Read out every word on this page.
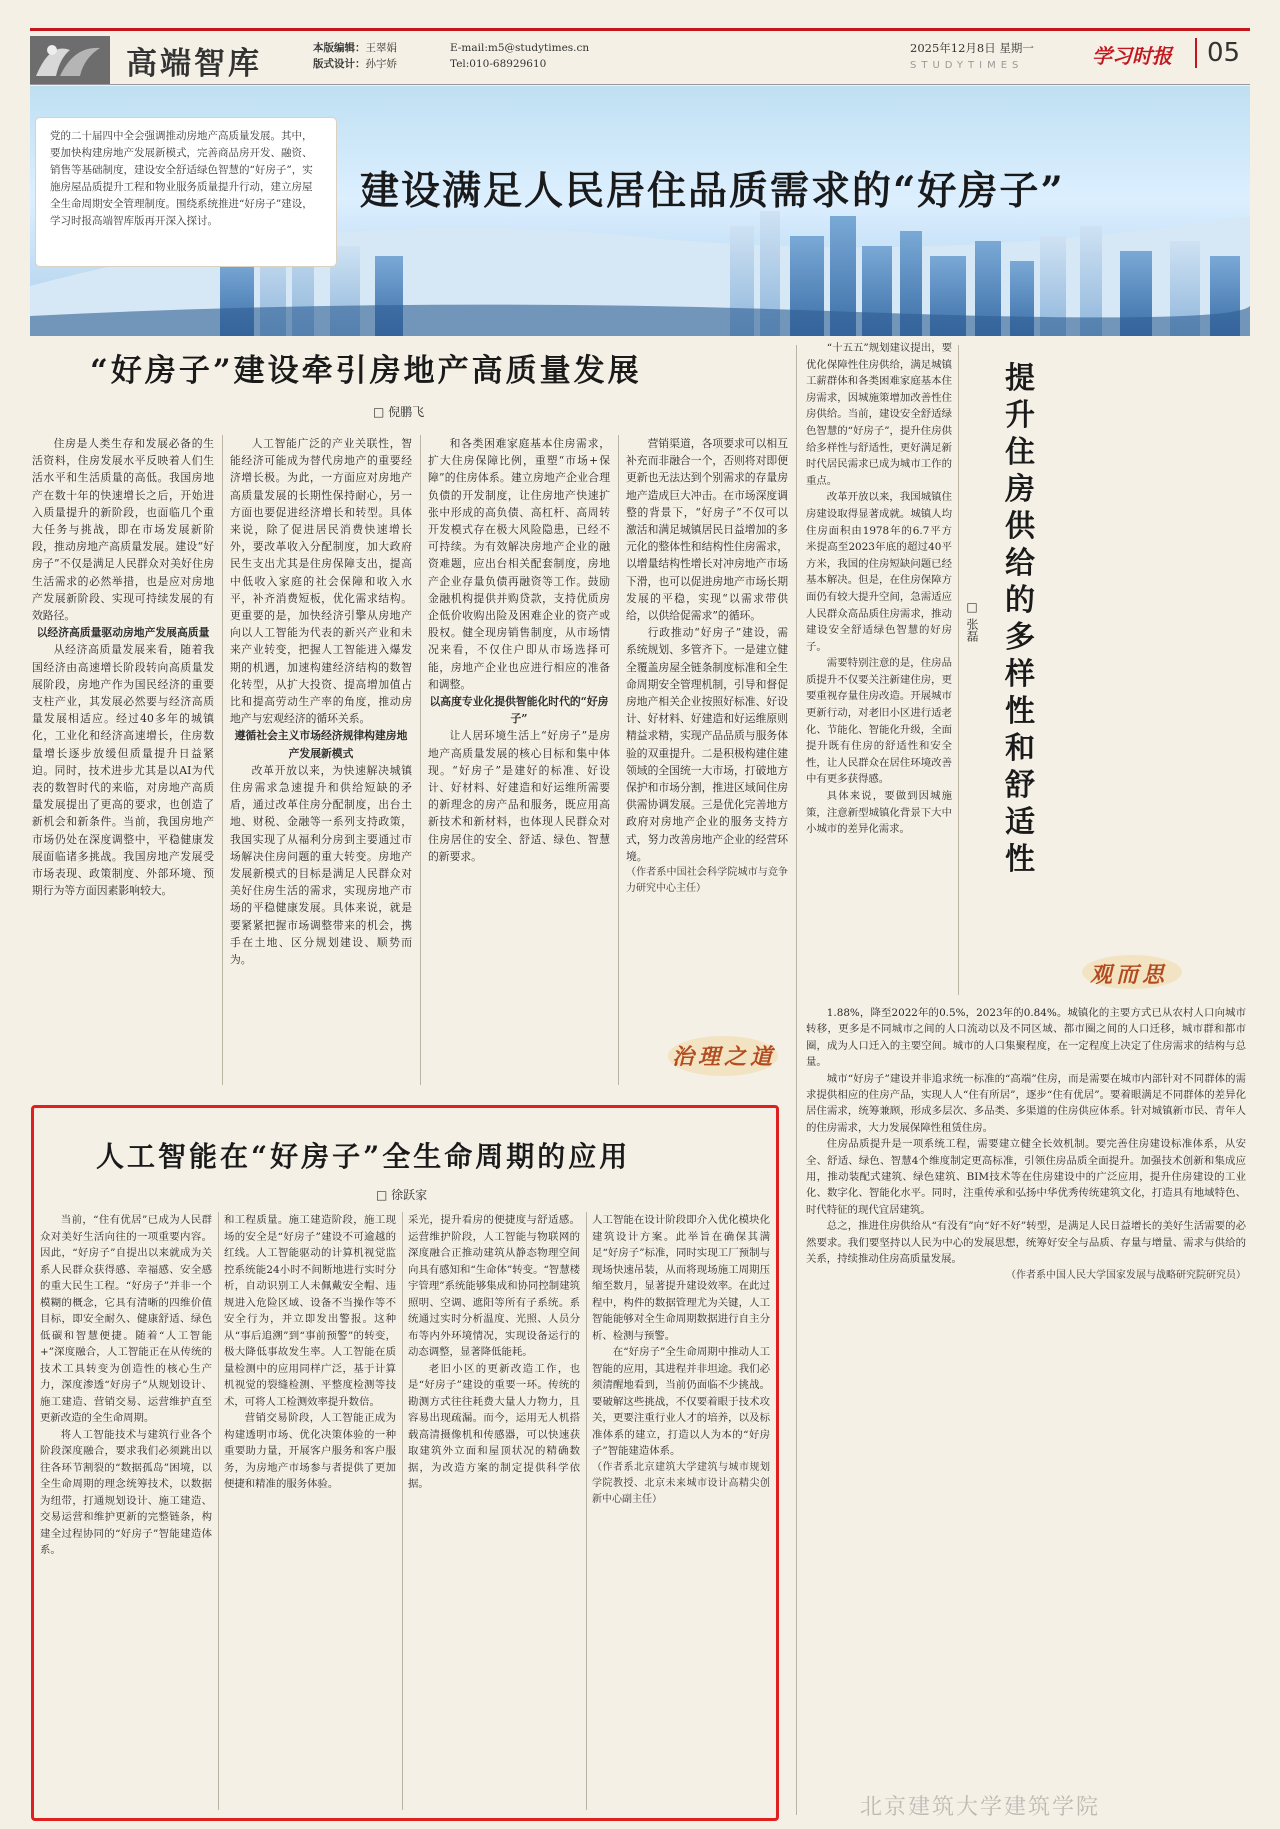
高端智库	本版编辑：王翠娟
版式设计：孙宇娇
E-mail:m5@studytimes.cn
Tel:010-68929610
2025年12月8日 星期一
STUDYTIMES	学习时报	05
党的二十届四中全会强调推动房地产高质量发展。其中，要加快构建房地产发展新模式，完善商品房开发、融资、销售等基础制度，建设安全舒适绿色智慧的“好房子”，实施房屋品质提升工程和物业服务质量提升行动，建立房屋全生命周期安全管理制度。围绕系统推进“好房子”建设，学习时报高端智库版再开深入探讨。
建设满足人民居住品质需求的“好房子”
“好房子”建设牵引房地产高质量发展
□ 倪鹏飞

住房是人类生存和发展必备的生活资料，住房发展水平反映着人们生活水平和生活质量的高低。我国房地产在数十年的快速增长之后，开始进入质量提升的新阶段，也面临几个重大任务与挑战，即在市场发展新阶段，推动房地产高质量发展。建设“好房子”不仅是满足人民群众对美好住房生活需求的必然举措，也是应对房地产发展新阶段、实现可持续发展的有效路径。

以经济高质量驱动房地产发展高质量

从经济高质量发展来看，随着我国经济由高速增长阶段转向高质量发展阶段，房地产作为国民经济的重要支柱产业，其发展必然要与经济高质量发展相适应。经过40多年的城镇化，工业化和经济高速增长，住房数量增长逐步放缓但质量提升日益紧迫。同时，技术进步尤其是以AI为代表的数智时代的来临，对房地产高质量发展提出了更高的要求，也创造了新机会和新条件。当前，我国房地产市场仍处在深度调整中，平稳健康发展面临诸多挑战。我国房地产发展受市场表现、政策制度、外部环境、预期行为等方面因素影响较大。

人工智能广泛的产业关联性，智能经济可能成为替代房地产的重要经济增长极。为此，一方面应对房地产高质量发展的长期性保持耐心，另一方面也要促进经济增长和转型。具体来说，除了促进居民消费快速增长外，要改革收入分配制度，加大政府民生支出尤其是住房保障支出，提高中低收入家庭的社会保障和收入水平，补齐消费短板，优化需求结构。更重要的是，加快经济引擎从房地产向以人工智能为代表的新兴产业和未来产业转变，把握人工智能进入爆发期的机遇，加速构建经济结构的数智化转型，从扩大投资、提高增加值占比和提高劳动生产率的角度，推动房地产与宏观经济的循环关系。

遵循社会主义市场经济规律构建房地产发展新模式

改革开放以来，为快速解决城镇住房需求急速提升和供给短缺的矛盾，通过改革住房分配制度，出台土地、财税、金融等一系列支持政策，我国实现了从福利分房到主要通过市场解决住房问题的重大转变。房地产发展新模式的目标是满足人民群众对美好住房生活的需求，实现房地产市场的平稳健康发展。具体来说，就是要紧紧把握市场调整带来的机会，携手在土地、区分规划建设、顺势而为。

和各类困难家庭基本住房需求，扩大住房保障比例，重塑“市场+保障”的住房体系。建立房地产企业合理负债的开发制度，让住房地产快速扩张中形成的高负债、高杠杆、高周转开发模式存在极大风险隐患，已经不可持续。为有效解决房地产企业的融资难题，应出台相关配套制度，房地产企业存量负债再融资等工作。鼓励金融机构提供并购贷款，支持优质房企低价收购出险及困难企业的资产或股权。健全现房销售制度，从市场情况来看，不仅住户即从市场选择可能，房地产企业也应进行相应的准备和调整。

以高度专业化提供智能化时代的“好房子”

让人居环境生活上“好房子”是房地产高质量发展的核心目标和集中体现。“好房子”是建好的标准、好设计、好材料、好建造和好运维所需要的新理念的房产品和服务，既应用高新技术和新材料，也体现人民群众对住房居住的安全、舒适、绿色、智慧的新要求。

营销渠道，各项要求可以相互补充而非融合一个，否则将对即便更新也无法达到个别需求的存量房地产造成巨大冲击。在市场深度调整的背景下，“好房子”不仅可以激活和满足城镇居民日益增加的多元化的整体性和结构性住房需求，以增量结构性增长对冲房地产市场下滑，也可以促进房地产市场长期发展的平稳，实现“以需求带供给，以供给促需求”的循环。

行政推动“好房子”建设，需系统规划、多管齐下。一是建立健全覆盖房屋全链条制度标准和全生命周期安全管理机制，引导和督促房地产相关企业按照好标准、好设计、好材料、好建造和好运维原则精益求精，实现产品品质与服务体验的双重提升。二是积极构建住建领域的全国统一大市场，打破地方保护和市场分割，推进区域间住房供需协调发展。三是优化完善地方政府对房地产企业的服务支持方式，努力改善房地产企业的经营环境。

（作者系中国社会科学院城市与竞争力研究中心主任）

治理之道

“十五五”规划建议提出，要优化保障性住房供给，满足城镇工薪群体和各类困难家庭基本住房需求，因城施策增加改善性住房供给。当前，建设安全舒适绿色智慧的“好房子”，提升住房供给多样性与舒适性，更好满足新时代居民需求已成为城市工作的重点。

改革开放以来，我国城镇住房建设取得显著成就。城镇人均住房面积由1978年的6.7平方米提高至2023年底的超过40平方米，我国的住房短缺问题已经基本解决。但是，在住房保障方面仍有较大提升空间，急需适应人民群众高品质住房需求，推动建设安全舒适绿色智慧的好房子。

需要特别注意的是，住房品质提升不仅要关注新建住房，更要重视存量住房改造。开展城市更新行动，对老旧小区进行适老化、节能化、智能化升级，全面提升既有住房的舒适性和安全性，让人民群众在居住环境改善中有更多获得感。

具体来说，要做到因城施策，注意新型城镇化背景下大中小城市的差异化需求。

□ 张磊
提升住房供给的多样性和舒适性
观而思

1.88%，降至2022年的0.5%，2023年的0.84%。城镇化的主要方式已从农村人口向城市转移，更多是不同城市之间的人口流动以及不同区域、都市圈之间的人口迁移，城市群和都市圈，成为人口迁入的主要空间。城市的人口集聚程度，在一定程度上决定了住房需求的结构与总量。

城市“好房子”建设并非追求统一标准的“高端”住房，而是需要在城市内部针对不同群体的需求提供相应的住房产品，实现人人“住有所居”，逐步“住有优居”。要着眼满足不同群体的差异化居住需求，统筹兼顾，形成多层次、多品类、多渠道的住房供应体系。针对城镇新市民、青年人的住房需求，大力发展保障性租赁住房。

住房品质提升是一项系统工程，需要建立健全长效机制。要完善住房建设标准体系，从安全、舒适、绿色、智慧4个维度制定更高标准，引领住房品质全面提升。加强技术创新和集成应用，推动装配式建筑、绿色建筑、BIM技术等在住房建设中的广泛应用，提升住房建设的工业化、数字化、智能化水平。同时，注重传承和弘扬中华优秀传统建筑文化，打造具有地域特色、时代特征的现代宜居建筑。

总之，推进住房供给从“有没有”向“好不好”转型，是满足人民日益增长的美好生活需要的必然要求。我们要坚持以人民为中心的发展思想，统筹好安全与品质、存量与增量、需求与供给的关系，持续推动住房高质量发展。

（作者系中国人民大学国家发展与战略研究院研究员）

人工智能在“好房子”全生命周期的应用
□ 徐跃家

当前，“住有优居”已成为人民群众对美好生活向往的一项重要内容。因此，“好房子”自提出以来就成为关系人民群众获得感、幸福感、安全感的重大民生工程。“好房子”并非一个模糊的概念，它具有清晰的四维价值目标，即安全耐久、健康舒适、绿色低碳和智慧便捷。随着“人工智能+”深度融合，人工智能正在从传统的技术工具转变为创造性的核心生产力，深度渗透“好房子”从规划设计、施工建造、营销交易、运营维护直至更新改造的全生命周期。

将人工智能技术与建筑行业各个阶段深度融合，要求我们必须跳出以往各环节割裂的“数据孤岛”困境，以全生命周期的理念统筹技术，以数据为纽带，打通规划设计、施工建造、交易运营和维护更新的完整链条，构建全过程协同的“好房子”智能建造体系。

和工程质量。施工建造阶段，施工现场的安全是“好房子”建设不可逾越的红线。人工智能驱动的计算机视觉监控系统能24小时不间断地进行实时分析，自动识别工人未佩戴安全帽、违规进入危险区域、设备不当操作等不安全行为，并立即发出警报。这种从“事后追溯”到“事前预警”的转变，极大降低事故发生率。人工智能在质量检测中的应用同样广泛，基于计算机视觉的裂缝检测、平整度检测等技术，可将人工检测效率提升数倍。

营销交易阶段，人工智能正成为构建透明市场、优化决策体验的一种重要助力量，开展客户服务和客户服务，为房地产市场参与者提供了更加便捷和精准的服务体验。

采光，提升看房的便捷度与舒适感。运营维护阶段，人工智能与物联网的深度融合正推动建筑从静态物理空间向具有感知和“生命体”转变。“智慧楼宇管理”系统能够集成和协同控制建筑照明、空调、遮阳等所有子系统。系统通过实时分析温度、光照、人员分布等内外环境情况，实现设备运行的动态调整，显著降低能耗。

老旧小区的更新改造工作，也是“好房子”建设的重要一环。传统的勘测方式往往耗费大量人力物力，且容易出现疏漏。而今，运用无人机搭载高清摄像机和传感器，可以快速获取建筑外立面和屋顶状况的精确数据，为改造方案的制定提供科学依据。

人工智能在设计阶段即介入优化模块化建筑设计方案。此举旨在确保其满足“好房子”标准，同时实现工厂预制与现场快速吊装，从而将现场施工周期压缩至数月，显著提升建设效率。在此过程中，构件的数据管理尤为关键，人工智能能够对全生命周期数据进行自主分析、检测与预警。

在“好房子”全生命周期中推动人工智能的应用，其进程并非坦途。我们必须清醒地看到，当前仍面临不少挑战。要破解这些挑战，不仅要着眼于技术攻关，更要注重行业人才的培养，以及标准体系的建立，打造以人为本的“好房子”智能建造体系。

（作者系北京建筑大学建筑与城市规划学院教授、北京未来城市设计高精尖创新中心副主任）

北京建筑大学建筑学院
